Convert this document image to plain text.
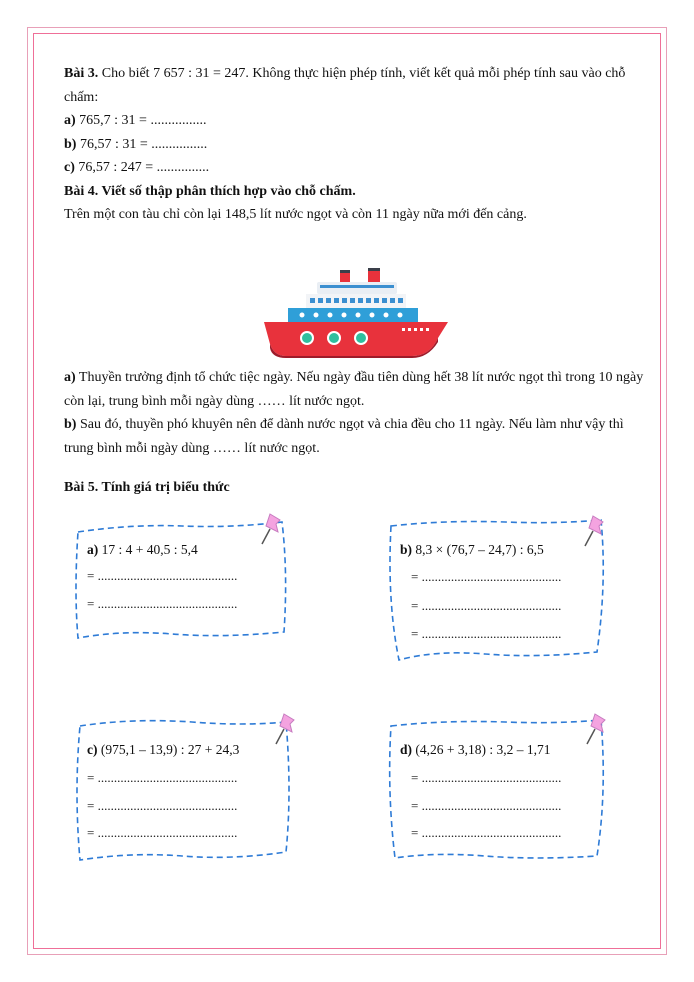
Bài 3. Cho biết 7 657 : 31 = 247. Không thực hiện phép tính, viết kết quả mỗi phép tính sau vào chỗ chấm:

a) 765,7 : 31 = ................

b) 76,57 : 31 = ................

c) 76,57 : 247 = ...............

Bài 4. Viết số thập phân thích hợp vào chỗ chấm.

Trên một con tàu chỉ còn lại 148,5 lít nước ngọt và còn 11 ngày nữa mới đến cảng.

a) Thuyền trưởng định tổ chức tiệc ngày. Nếu ngày đầu tiên dùng hết 38 lít nước ngọt thì trong 10 ngày còn lại, trung bình mỗi ngày dùng …… lít nước ngọt.

b) Sau đó, thuyền phó khuyên nên để dành nước ngọt và chia đều cho 11 ngày. Nếu làm như vậy thì trung bình mỗi ngày dùng …… lít nước ngọt.

Bài 5. Tính giá trị biểu thức
a) 17 : 4 + 40,5 : 5,4
= ...........................................
= ...........................................
b) 8,3 × (76,7 – 24,7) : 6,5
= ...........................................
= ...........................................
= ...........................................
c) (975,1 – 13,9) : 27 + 24,3
= ...........................................
= ...........................................
= ...........................................
d) (4,26 + 3,18) : 3,2 – 1,71
= ...........................................
= ...........................................
= ...........................................
